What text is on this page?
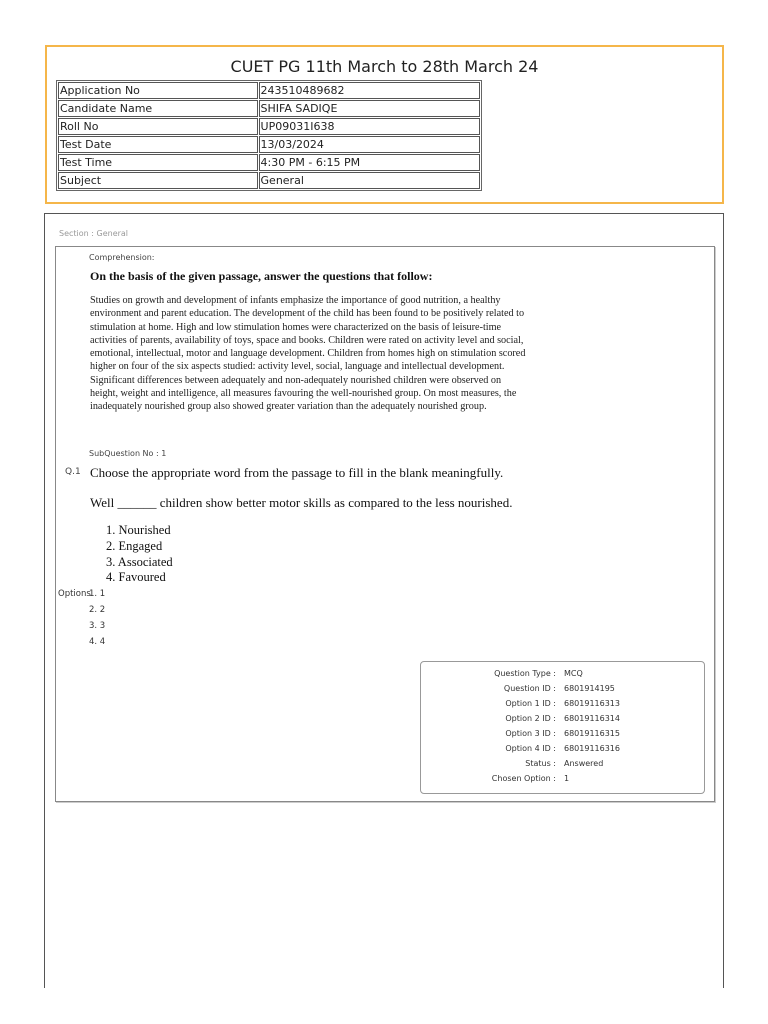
CUET PG 11th March to 28th March 24
Application No	243510489682
Candidate Name	SHIFA SADIQE
Roll No	UP09031I638
Test Date	13/03/2024
Test Time	4:30 PM - 6:15 PM
Subject	General
Section : General
Comprehension:
On the basis of the given passage, answer the questions that follow:
Studies on growth and development of infants emphasize the importance of good nutrition, a healthy environment and parent education. The development of the child has been found to be positively related to stimulation at home. High and low stimulation homes were characterized on the basis of leisure-time activities of parents, availability of toys, space and books. Children were rated on activity level and social, emotional, intellectual, motor and language development. Children from homes high on stimulation scored higher on four of the six aspects studied: activity level, social, language and intellectual development. Significant differences between adequately and non-adequately nourished children were observed on height, weight and intelligence, all measures favouring the well-nourished group. On most measures, the inadequately nourished group also showed greater variation than the adequately nourished group.
SubQuestion No : 1
Q.1 Choose the appropriate word from the passage to fill in the blank meaningfully.
Well ______ children show better motor skills as compared to the less nourished.
1. Nourished
2. Engaged
3. Associated
4. Favoured
Options
1. 1
2. 2
3. 3
4. 4
Question Type : MCQ
Question ID : 6801914195
Option 1 ID : 68019116313
Option 2 ID : 68019116314
Option 3 ID : 68019116315
Option 4 ID : 68019116316
Status : Answered
Chosen Option : 1
